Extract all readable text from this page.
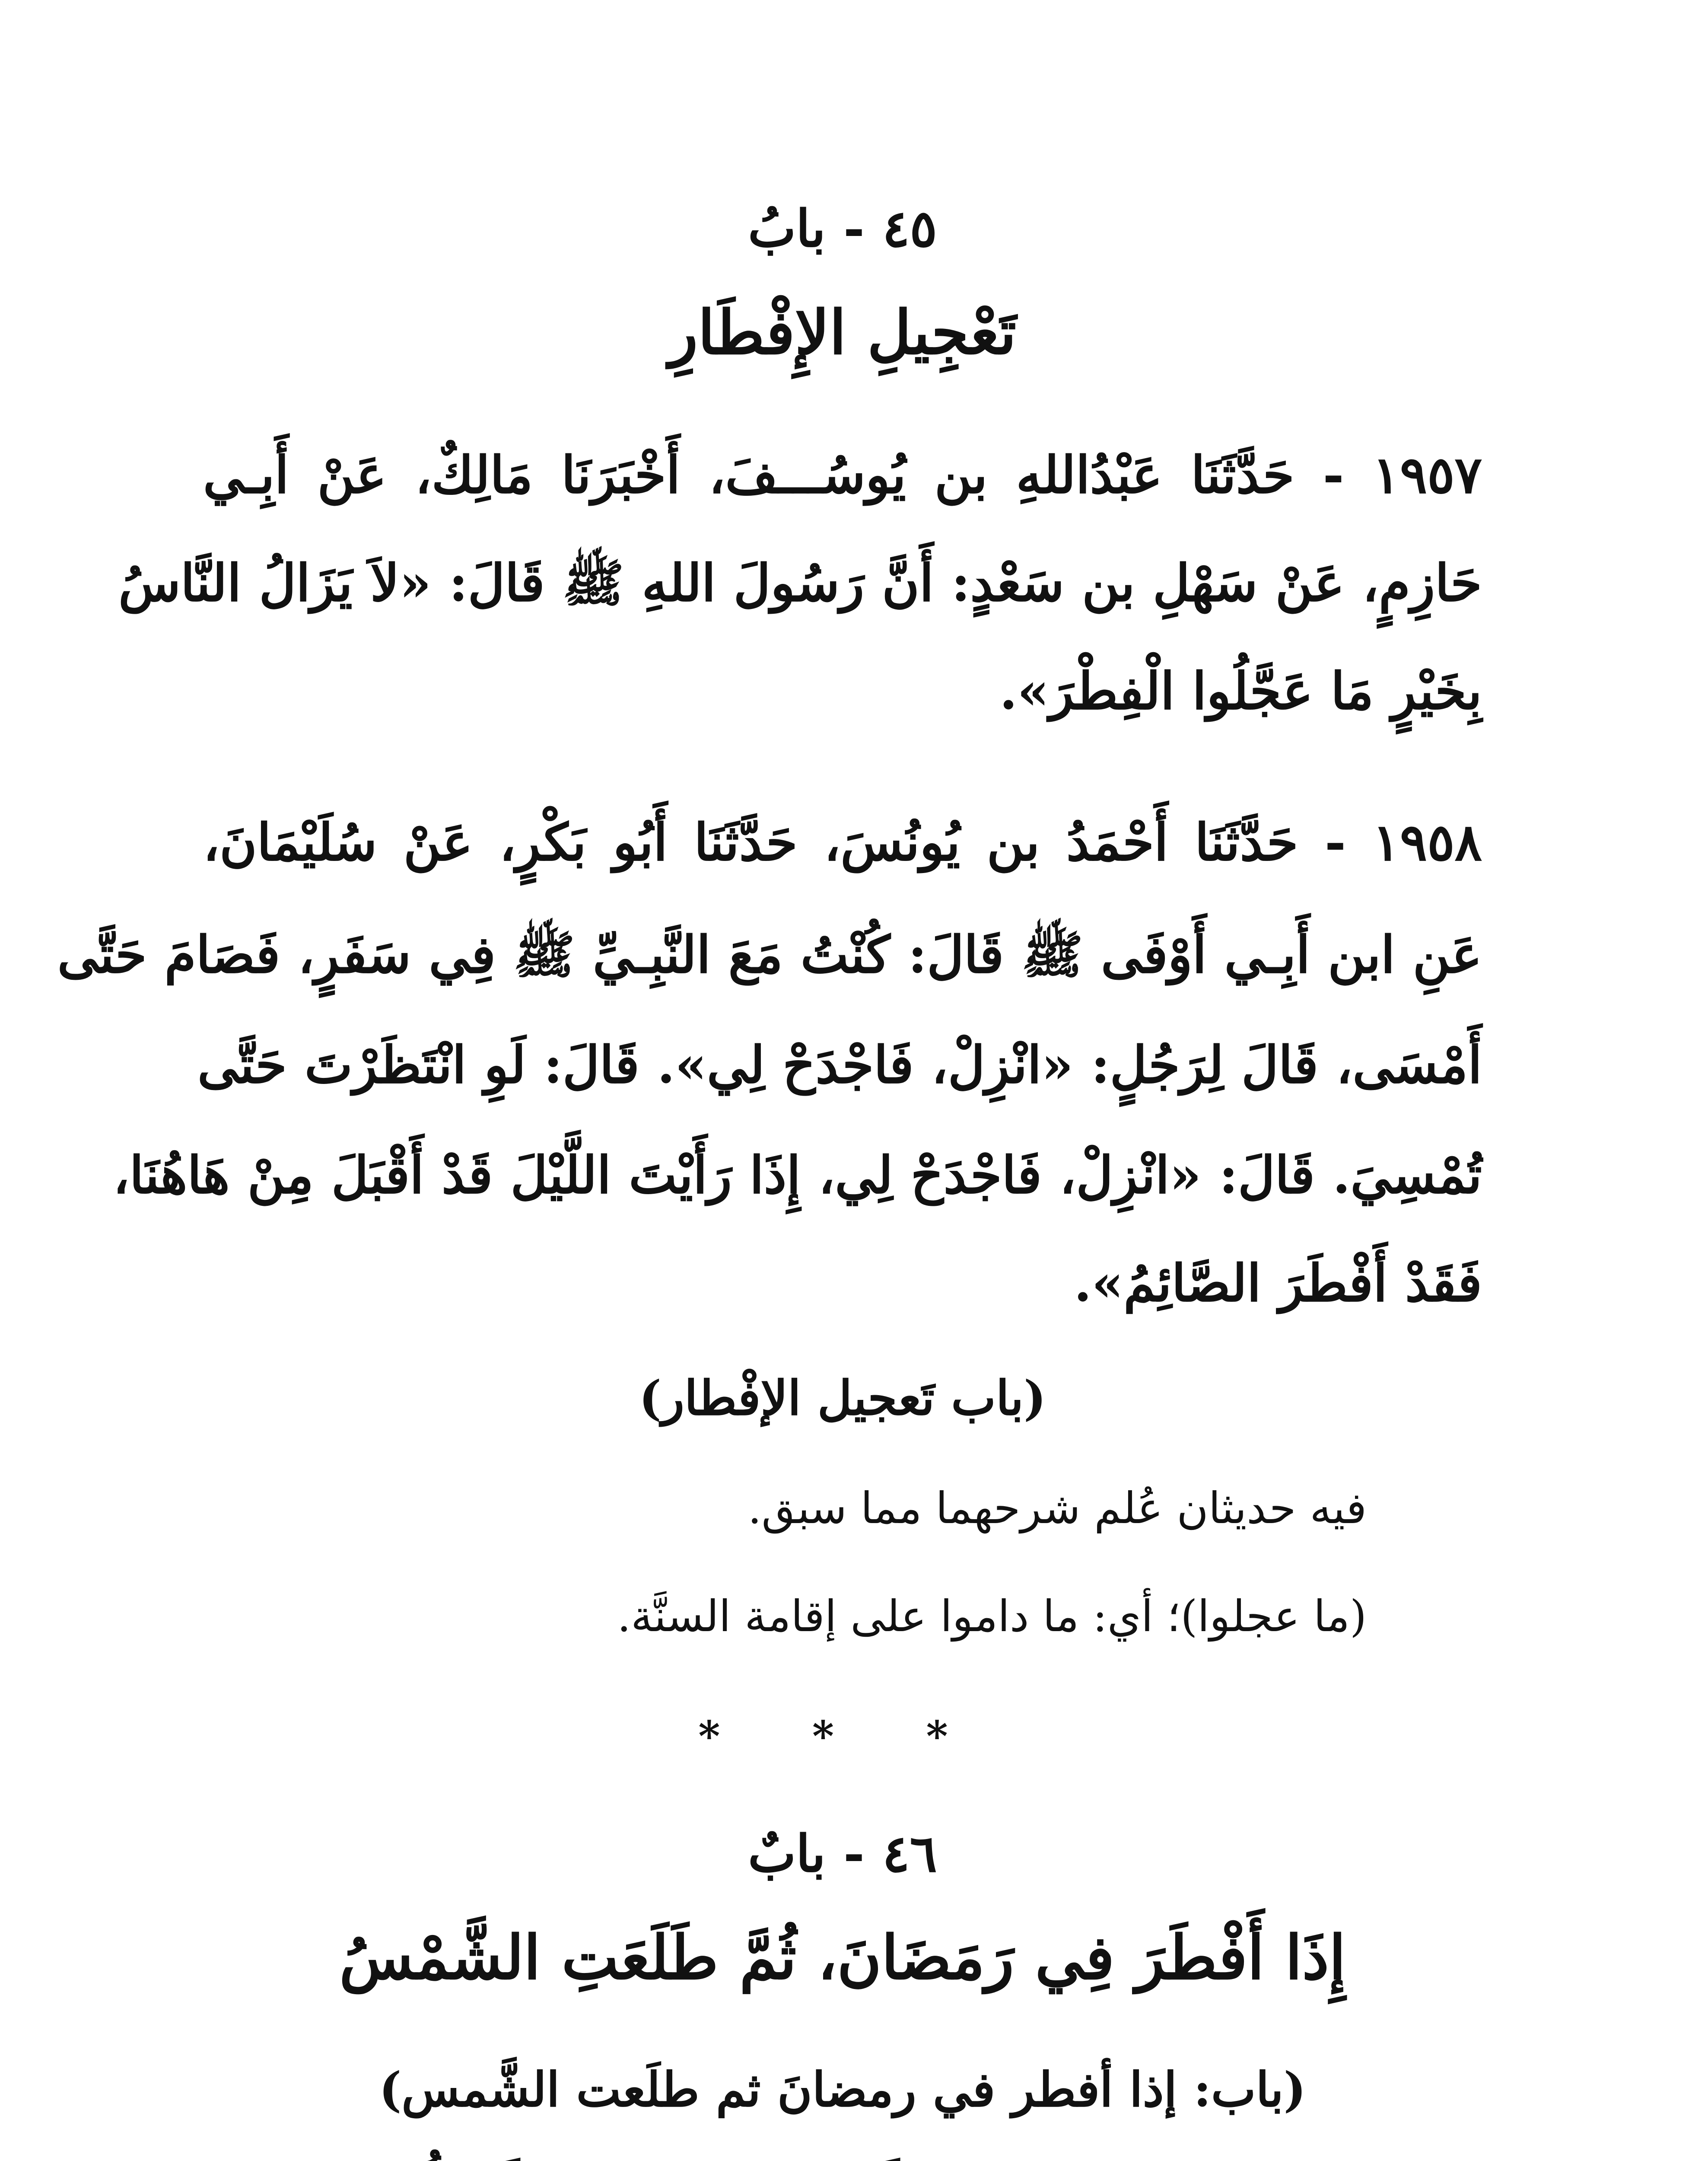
٤٥ - بابُ
تَعْجِيلِ الإِفْطَارِ
١٩٥٧ - حَدَّثَنَا عَبْدُاللهِ بن يُوسُـــفَ، أَخْبَرَنَا مَالِكٌ، عَنْ أَبِـي
حَازِمٍ، عَنْ سَهْلِ بن سَعْدٍ: أَنَّ رَسُولَ اللهِ ﷺ قَالَ: «لاَ يَزَالُ النَّاسُ
بِخَيْرٍ مَا عَجَّلُوا الْفِطْرَ».
١٩٥٨ - حَدَّثَنَا أَحْمَدُ بن يُونُسَ، حَدَّثَنَا أَبُو بَكْرٍ، عَنْ سُلَيْمَانَ،
عَنِ ابن أَبِـي أَوْفَى ﷺ قَالَ: كُنْتُ مَعَ النَّبِـيِّ ﷺ فِي سَفَرٍ، فَصَامَ حَتَّى
أَمْسَى، قَالَ لِرَجُلٍ: «انْزِلْ، فَاجْدَحْ لِي». قَالَ: لَوِ انْتَظَرْتَ حَتَّى
تُمْسِيَ. قَالَ: «انْزِلْ، فَاجْدَحْ لِي، إِذَا رَأَيْتَ اللَّيْلَ قَدْ أَقْبَلَ مِنْ هَاهُنَا،
فَقَدْ أَفْطَرَ الصَّائِمُ».
(باب تَعجيل الإفْطار)
فيه حديثان عُلم شرحهما مما سبق.
(ما عجلوا)؛ أي: ما داموا على إقامة السنَّة.
* * *
٤٦ - بابٌ
إِذَا أَفْطَرَ فِي رَمَضَانَ، ثُمَّ طَلَعَتِ الشَّمْسُ
(باب: إذا أفطر في رمضانَ ثم طلَعت الشَّمس)
